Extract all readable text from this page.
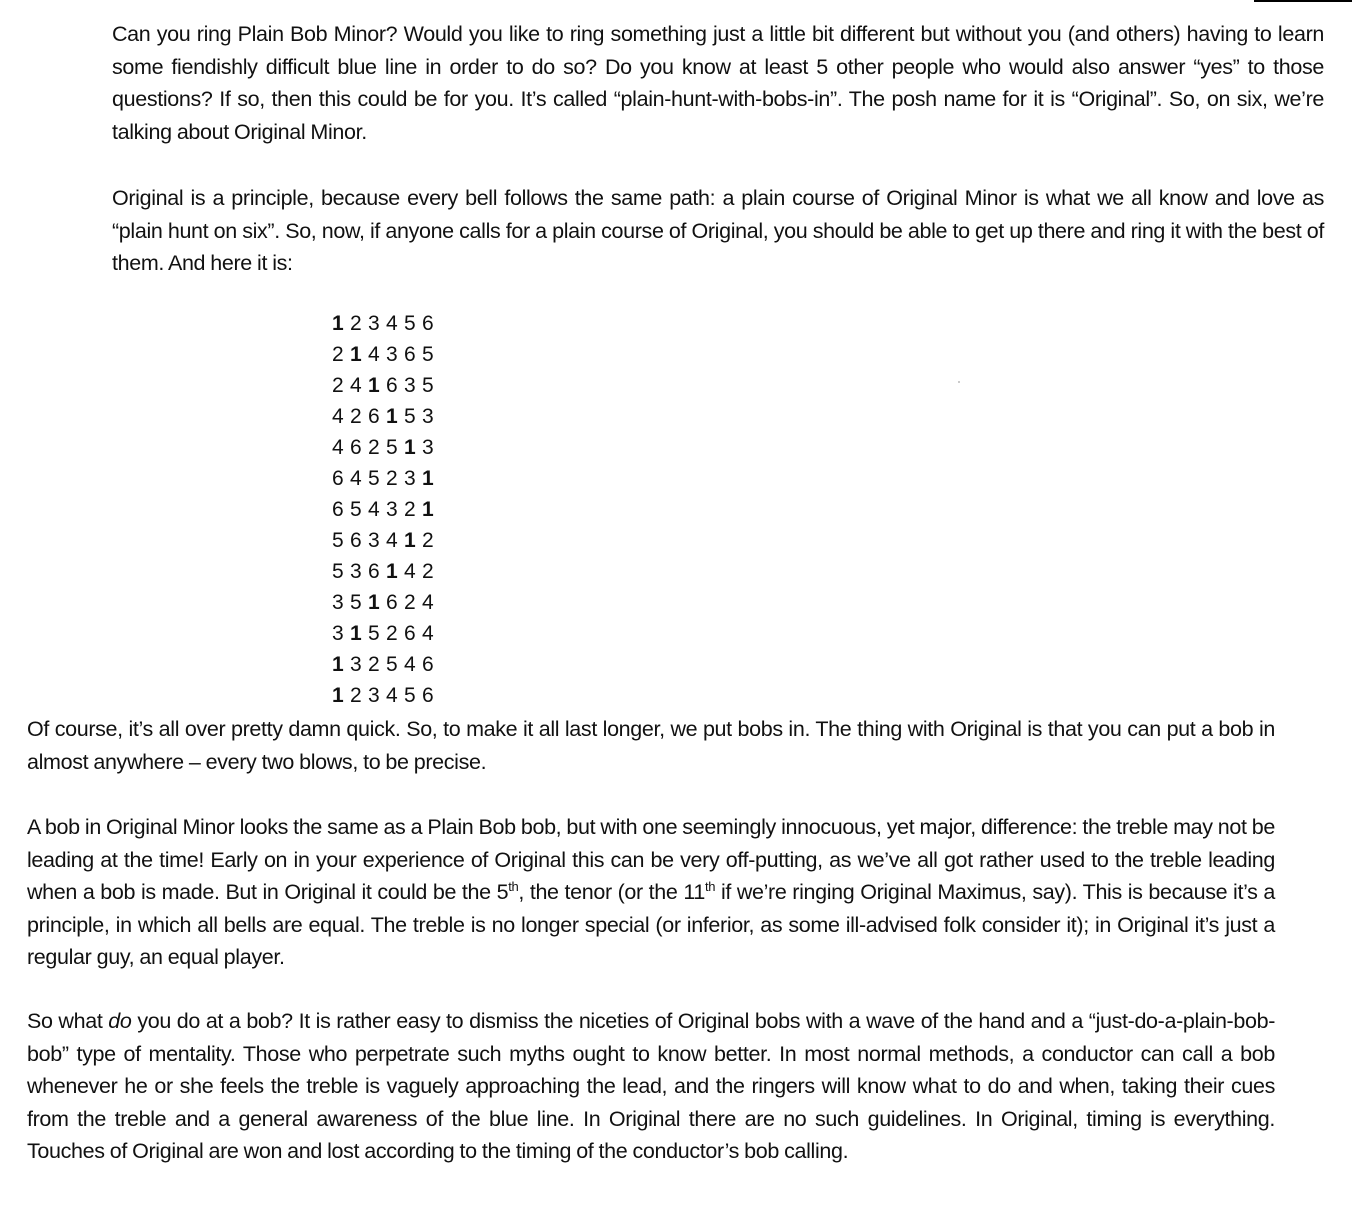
Can you ring Plain Bob Minor? Would you like to ring something just a little bit different but without you (and others) having to learn some fiendishly difficult blue line in order to do so? Do you know at least 5 other people who would also answer “yes” to those questions? If so, then this could be for you. It’s called “plain-hunt-with-bobs-in”. The posh name for it is “Original”. So, on six, we’re talking about Original Minor.

Original is a principle, because every bell follows the same path: a plain course of Original Minor is what we all know and love as “plain hunt on six”. So, now, if anyone calls for a plain course of Original, you should be able to get up there and ring it with the best of them. And here it is:

1 2 3 4 5 6
2 1 4 3 6 5
2 4 1 6 3 5
4 2 6 1 5 3
4 6 2 5 1 3
6 4 5 2 3 1
6 5 4 3 2 1
5 6 3 4 1 2
5 3 6 1 4 2
3 5 1 6 2 4
3 1 5 2 6 4
1 3 2 5 4 6
1 2 3 4 5 6

Of course, it’s all over pretty damn quick. So, to make it all last longer, we put bobs in. The thing with Original is that you can put a bob in almost anywhere – every two blows, to be precise.

A bob in Original Minor looks the same as a Plain Bob bob, but with one seemingly innocuous, yet major, difference: the treble may not be leading at the time! Early on in your experience of Original this can be very off-putting, as we’ve all got rather used to the treble leading when a bob is made. But in Original it could be the 5th, the tenor (or the 11th if we’re ringing Original Maximus, say). This is because it’s a principle, in which all bells are equal. The treble is no longer special (or inferior, as some ill-advised folk consider it); in Original it’s just a regular guy, an equal player.

So what do you do at a bob? It is rather easy to dismiss the niceties of Original bobs with a wave of the hand and a “just-do-a-plain-bob-bob” type of mentality. Those who perpetrate such myths ought to know better. In most normal methods, a conductor can call a bob whenever he or she feels the treble is vaguely approaching the lead, and the ringers will know what to do and when, taking their cues from the treble and a general awareness of the blue line. In Original there are no such guidelines. In Original, timing is everything. Touches of Original are won and lost according to the timing of the conductor’s bob calling.
